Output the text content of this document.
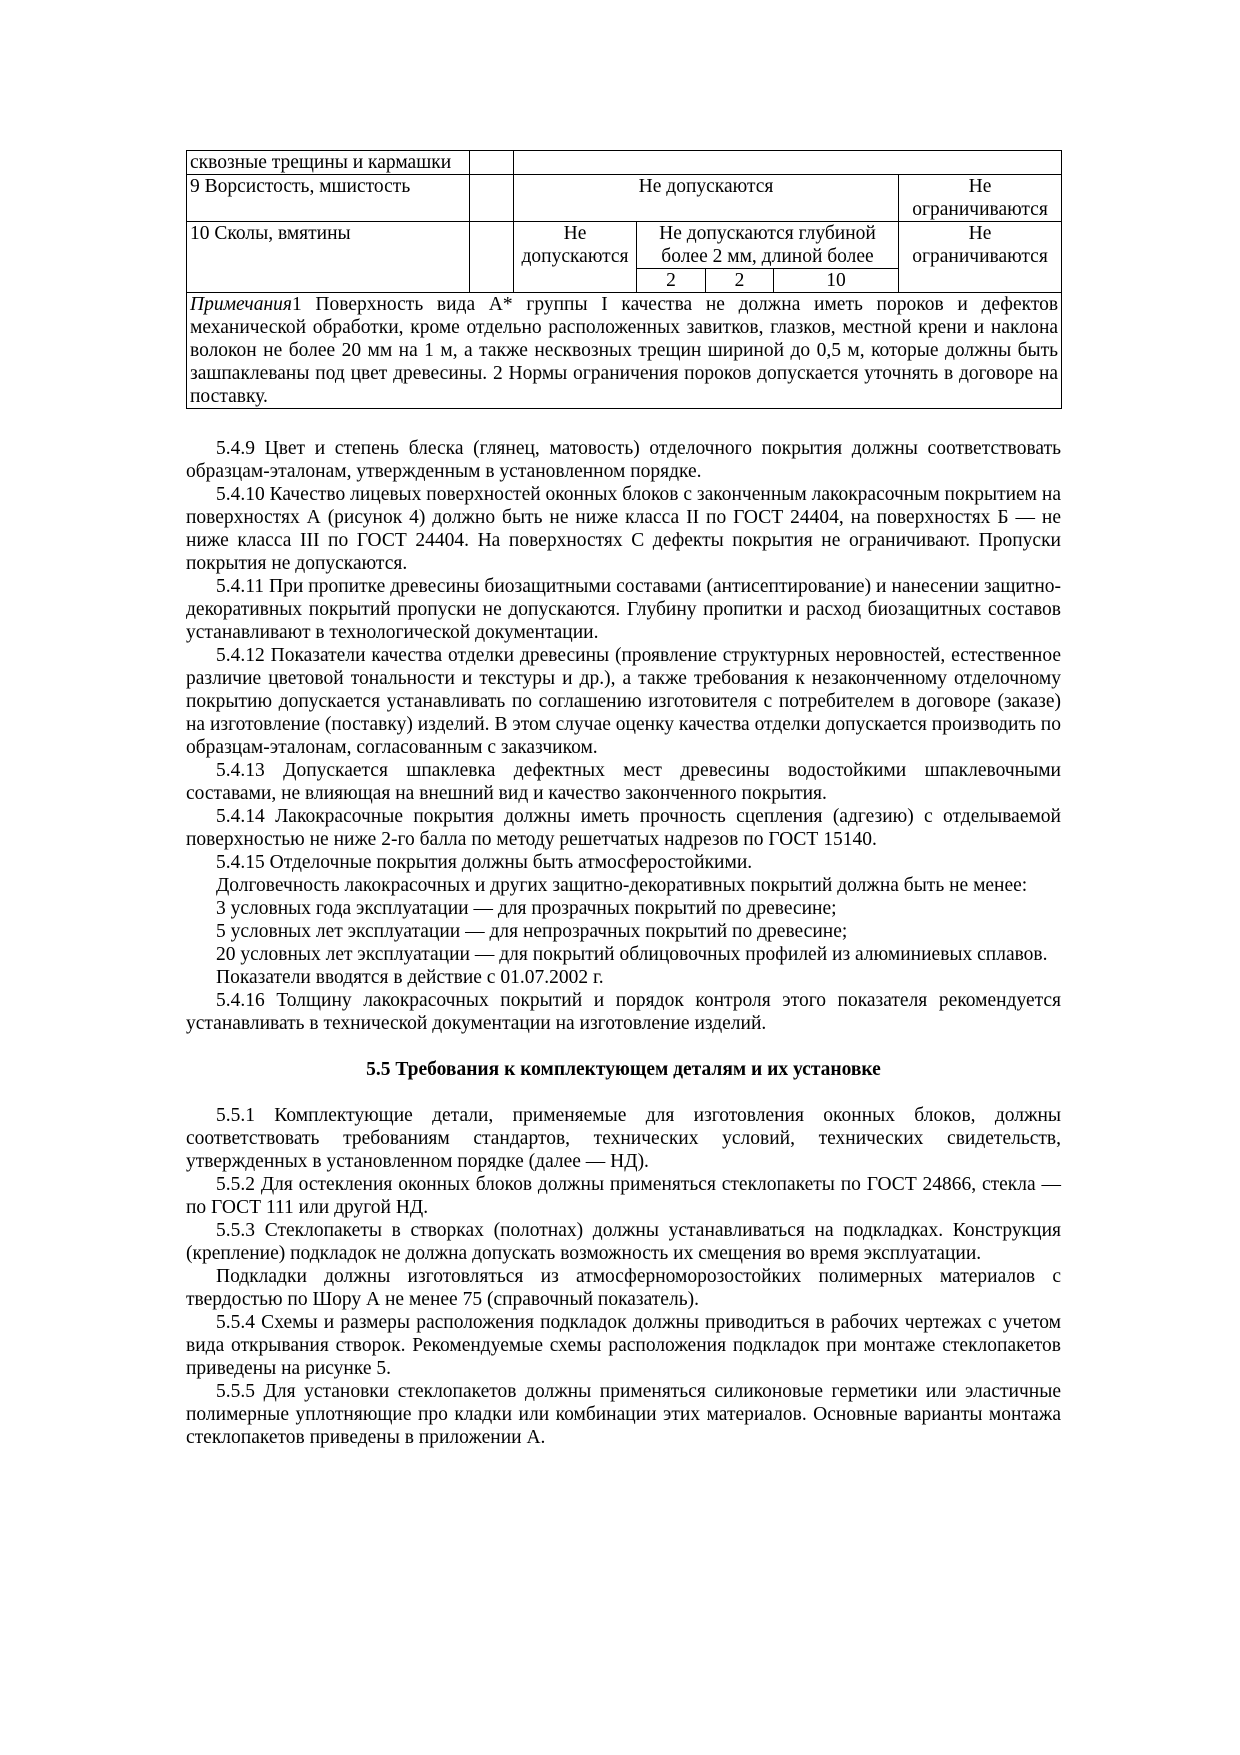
сквозные трещины и кармашки						
9 Ворсистость, мшистость		Не допускаются				Не ограничиваются
10 Сколы, вмятины		Не допускаются	Не допускаются глубиной более 2 мм, длиной более			Не ограничиваются
			2	2	10	
Примечания1 Поверхность вида А* группы I качества не должна иметь пороков и дефектов механической обработки, кроме отдельно расположенных завитков, глазков, местной крени и наклона волокон не более 20 мм на 1 м, а также несквозных трещин шириной до 0,5 м, которые должны быть зашпаклеваны под цвет древесины. 2 Нормы ограничения пороков допускается уточнять в договоре на поставку.						

5.4.9 Цвет и степень блеска (глянец, матовость) отделочного покрытия должны соответствовать образцам-эталонам, утвержденным в установленном порядке.

5.4.10 Качество лицевых поверхностей оконных блоков с законченным лакокрасочным покрытием на поверхностях А (рисунок 4) должно быть не ниже класса II по ГОСТ 24404, на поверхностях Б — не ниже класса III по ГОСТ 24404. На поверхностях С дефекты покрытия не ограничивают. Пропуски покрытия не допускаются.

5.4.11 При пропитке древесины биозащитными составами (антисептирование) и нанесении защитно-декоративных покрытий пропуски не допускаются. Глубину пропитки и расход биозащитных составов устанавливают в технологической документации.

5.4.12 Показатели качества отделки древесины (проявление структурных неровностей, естественное различие цветовой тональности и текстуры и др.), а также требования к незаконченному отделочному покрытию допускается устанавливать по соглашению изготовителя с потребителем в договоре (заказе) на изготовление (поставку) изделий. В этом случае оценку качества отделки допускается производить по образцам-эталонам, согласованным с заказчиком.

5.4.13 Допускается шпаклевка дефектных мест древесины водостойкими шпаклевочными составами, не влияющая на внешний вид и качество законченного покрытия.

5.4.14 Лакокрасочные покрытия должны иметь прочность сцепления (адгезию) с отделываемой поверхностью не ниже 2-го балла по методу решетчатых надрезов по ГОСТ 15140.

5.4.15 Отделочные покрытия должны быть атмосферостойкими.

Долговечность лакокрасочных и других защитно-декоративных покрытий должна быть не менее:

3 условных года эксплуатации — для прозрачных покрытий по древесине;

5 условных лет эксплуатации — для непрозрачных покрытий по древесине;

20 условных лет эксплуатации — для покрытий облицовочных профилей из алюминиевых сплавов.

Показатели вводятся в действие с 01.07.2002 г.

5.4.16 Толщину лакокрасочных покрытий и порядок контроля этого показателя рекомендуется устанавливать в технической документации на изготовление изделий.

5.5 Требования к комплектующем деталям и их установке

5.5.1 Комплектующие детали, применяемые для изготовления оконных блоков, должны соответствовать требованиям стандартов, технических условий, технических свидетельств, утвержденных в установленном порядке (далее — НД).

5.5.2 Для остекления оконных блоков должны применяться стеклопакеты по ГОСТ 24866, стекла — по ГОСТ 111 или другой НД.

5.5.3 Стеклопакеты в створках (полотнах) должны устанавливаться на подкладках. Конструкция (крепление) подкладок не должна допускать возможность их смещения во время эксплуатации.

Подкладки должны изготовляться из атмосферноморозостойких полимерных материалов с твердостью по Шору А не менее 75 (справочный показатель).

5.5.4 Схемы и размеры расположения подкладок должны приводиться в рабочих чертежах с учетом вида открывания створок. Рекомендуемые схемы расположения подкладок при монтаже стеклопакетов приведены на рисунке 5.

5.5.5 Для установки стеклопакетов должны применяться силиконовые герметики или эластичные полимерные уплотняющие про кладки или комбинации этих материалов. Основные варианты монтажа стеклопакетов приведены в приложении А.
